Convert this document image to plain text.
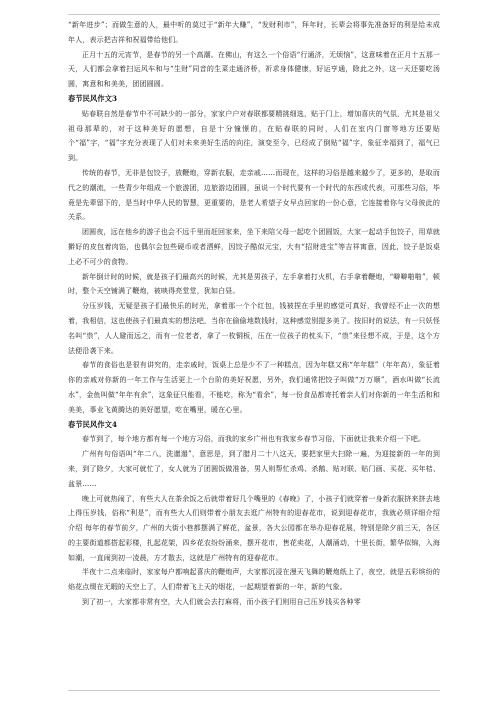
“新年进步”；而做生意的人，最中听的莫过于“新年大赚”，“发财利市”，拜年时，长辈会将事先准备好的利是给未成年人，表示把吉祥和祝福带给他们。

正月十五的元宵节，是春节的另一个高潮。在佛山，有这么一个俗语“行通济，无烦恼”，这意味着在正月十五那一天，人们都会拿着扫运风车和与“生财”同音的生菜走通济桥，祈求身体健康，好运亨通，除此之外，这一天还要吃汤圆，寓意和和美美，团团圆圆。

春节民风作文3

贴春联自然是春节中不可缺少的一部分，家家户户对春联都要精挑细选，贴于门上，增加喜庆的气氛，尤其是祖父祖母那辈的，对于这种美好的愿想，自是十分憧憬的，在贴春联的同时，人们在室内门窗等地方还要贴个“福”字，“福”字充分表现了人们对未来美好生活的向往，演变至今，已经成了倒贴“福”字，象征幸福到了，福气已到。

传统的春节，无非是包饺子，放鞭炮，穿新衣服，走亲戚……而现在，这样的习俗是越来越少了，更多的，是取而代之的潮流，一些青少年组成一个旅游团，边旅游边团圆，虽说一个时代要有一个时代的东西或代表，可那些习俗，毕竟是先辈留下的，是当时中华人民的智慧，更重要的，是老人希望子女早点回家的一份心意，它连接着你与父母彼此的关系。

团圆夜，远在他乡的游子也会不远千里而赶回家来，坐下来陪父母一起吃个团圆饭，大家一起动手包饺子，用草就擀好的皮包着肉馅，也偶尔会包些硬币或者洒鲜，因饺子酷似元宝，大有“招财进宝”等吉祥寓意，因此，饺子是饭桌上必不可少的食物。

新年倒计时的时候，就是孩子们最高兴的时候，尤其是男孩子，左手拿着打火机，右手拿着鞭炮，“噼噼啪啪”，顿时，整个天空铺满了鞭炮，被映得亮堂堂，犹如白昼。

分压岁钱，无疑是孩子们最快乐的时光，拿着那一个个红包，钱被捏在手里的感觉可真好，我曾经不止一次的想着，我相信，这也使孩子们最真实的想法吧，当你在偷偷地数钱时，这种感觉别提多美了。按旧时的说法，有一只妖怪名叫“祟”，人人避而远之，而有一位老者，拿了一枚铜板，压在一位孩子的枕头下，“祟”来径想不成，于是，这个方法便沿袭下来。

春节的食俗也是很有讲究的，走亲戚时，饭桌上总是少不了一种糕点，因为年糕又称“年年糕”（年年高），象征着你的亲戚对你新的一年工作与生活更上一个台阶的美好祝愿，另外，我们通常把饺子叫做“万万顺”，酒水叫做“长流水”，金鱼叫做“年年有余”，这象征只能看，不能吃，称为“看余”，每一份食品都寄托着亲人们对你新的一年生活和和美美，事业飞黄腾达的美好愿望，吃在嘴里，暖在心里。

春节民风作文4

春节到了，每个地方都有每一个地方习俗，而我的家乡广州也有我家乡春节习俗，下面就让我来介绍一下吧。

广州有句俗语叫“年二八，洗邋遢”，意思是，到了腊月二十八这天，要把家里大扫除一遍，为迎接新的一年的到来，到了除夕，大家可就忙了，女人就为了团圆饭做准备，男人则帮忙杀鸡、杀鹅、贴对联、贴门画、买花、买年桔、盆景……

晚上可就热闹了，有些大人在茶余饭之后就带着好几个嘴里的《春晚》了，小孩子们就穿着一身新衣服挤来挤去地上得压岁钱，俗称“利是”，而有些大人们则带着小朋友去逛广州特有的迎春花市，说到迎春花市，我就必须详细介绍介绍 每年的春节前夕，广州的大街小巷都摆满了鲜花，盆景，各大公园都在举办迎春花展，特别是除夕前三天，各区的主要街道都搭起彩楼，扎起花架，四乡花农纷纷涌来，摆开花市，售花卖花，人潮涌动，十里长街，繁华似锦，入海如潮，一直闹到初一凌晨，方才散去，这就是广州特有的迎春花市。

半夜十二点来临时，家家每户都响起喜庆的鞭炮声，大家都沉浸在漫天飞舞的鞭炮纸上了，夜空，就是五彩缤纷的焰花点缀在无暇的天空上了，人们带着飞上天的烟花，一起期望着新的一年，新的气象。

到了初一，大家都非常有空，大人们就会去打麻将，而小孩子们则用自己压岁钱买各种零
